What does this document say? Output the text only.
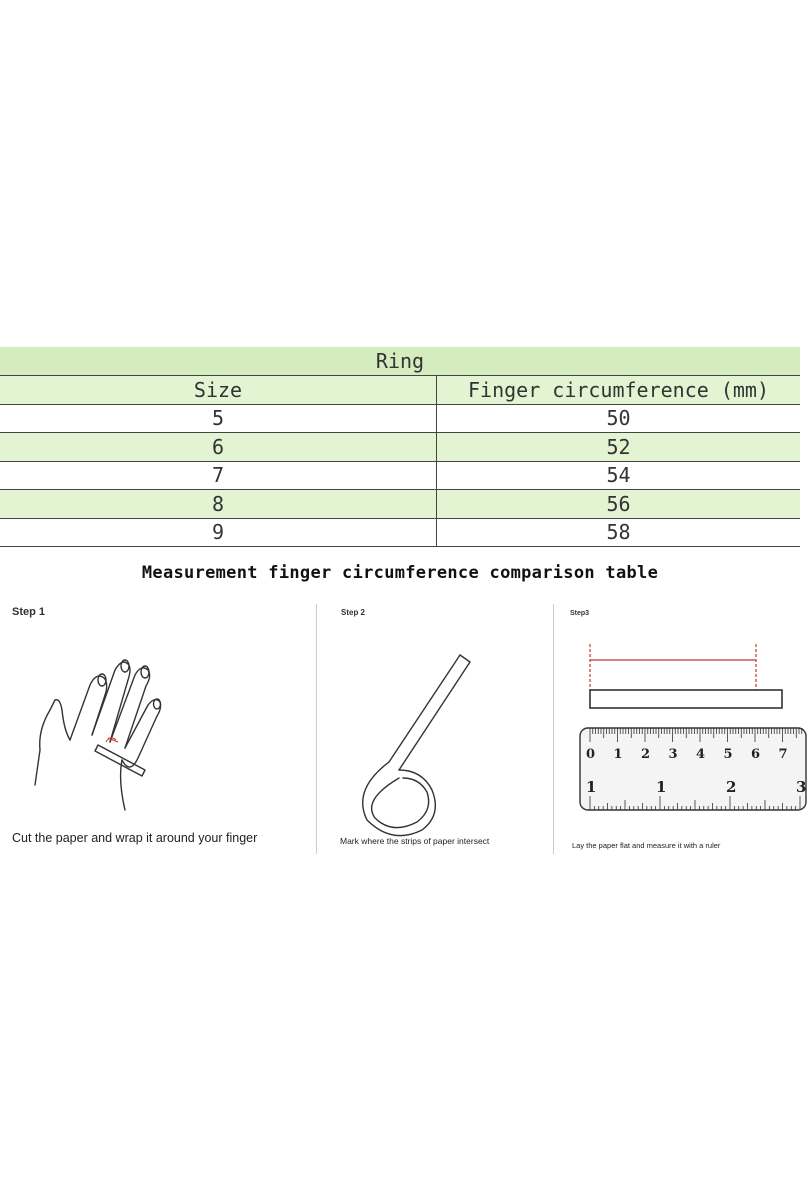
Ring	
Size	Finger circumference (mm)
5	50
6	52
7	54
8	56
9	58
Measurement finger circumference comparison table
Step 1
Cut the paper and wrap it around your finger
Step 2
Mark where the strips of paper intersect
Step3
0 1 2 3 4 5 6 7
1	1	2	3
Lay the paper flat and measure it with a ruler
